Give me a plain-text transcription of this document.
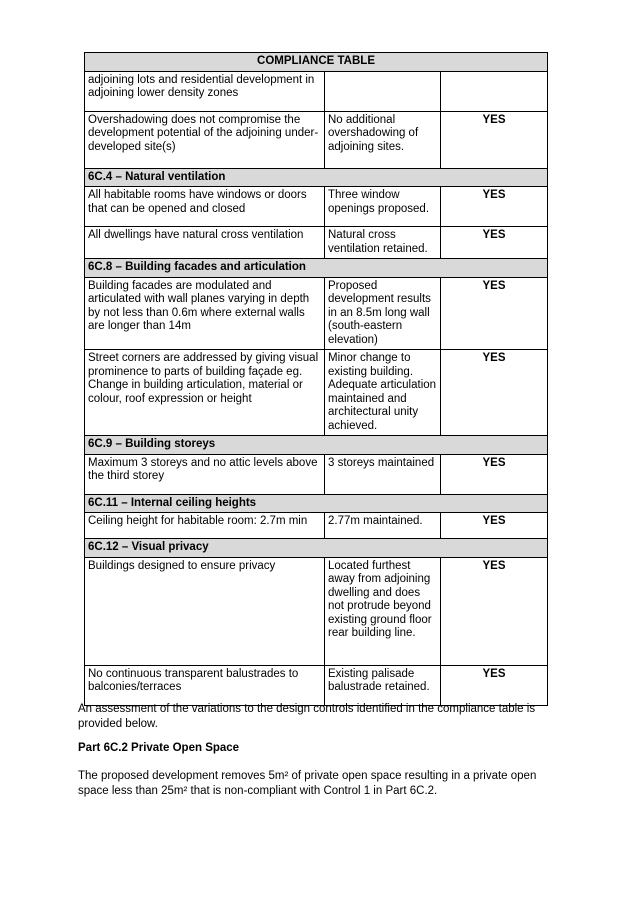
COMPLIANCE TABLE		
adjoining lots and residential development in adjoining lower density zones		
Overshadowing does not compromise the development potential of the adjoining under-developed site(s)	No additional overshadowing of adjoining sites.	YES
6C.4 – Natural ventilation		
All habitable rooms have windows or doors that can be opened and closed	Three window openings proposed.	YES
All dwellings have natural cross ventilation	Natural cross ventilation retained.	YES
6C.8 – Building facades and articulation		
Building facades are modulated and articulated with wall planes varying in depth by not less than 0.6m where external walls are longer than 14m	Proposed development results in an 8.5m long wall (south-eastern elevation)	YES
Street corners are addressed by giving visual prominence to parts of building façade eg. Change in building articulation, material or colour, roof expression or height	Minor change to existing building. Adequate articulation maintained and architectural unity achieved.	YES
6C.9 – Building storeys		
Maximum 3 storeys and no attic levels above the third storey	3 storeys maintained	YES
6C.11 – Internal ceiling heights		
Ceiling height for habitable room: 2.7m min	2.77m maintained.	YES
6C.12 – Visual privacy		
Buildings designed to ensure privacy	Located furthest away from adjoining dwelling and does not protrude beyond existing ground floor rear building line.	YES
No continuous transparent balustrades to balconies/terraces	Existing palisade balustrade retained.	YES

An assessment of the variations to the design controls identified in the compliance table is provided below.

Part 6C.2 Private Open Space

The proposed development removes 5m² of private open space resulting in a private open space less than 25m² that is non-compliant with Control 1 in Part 6C.2.
